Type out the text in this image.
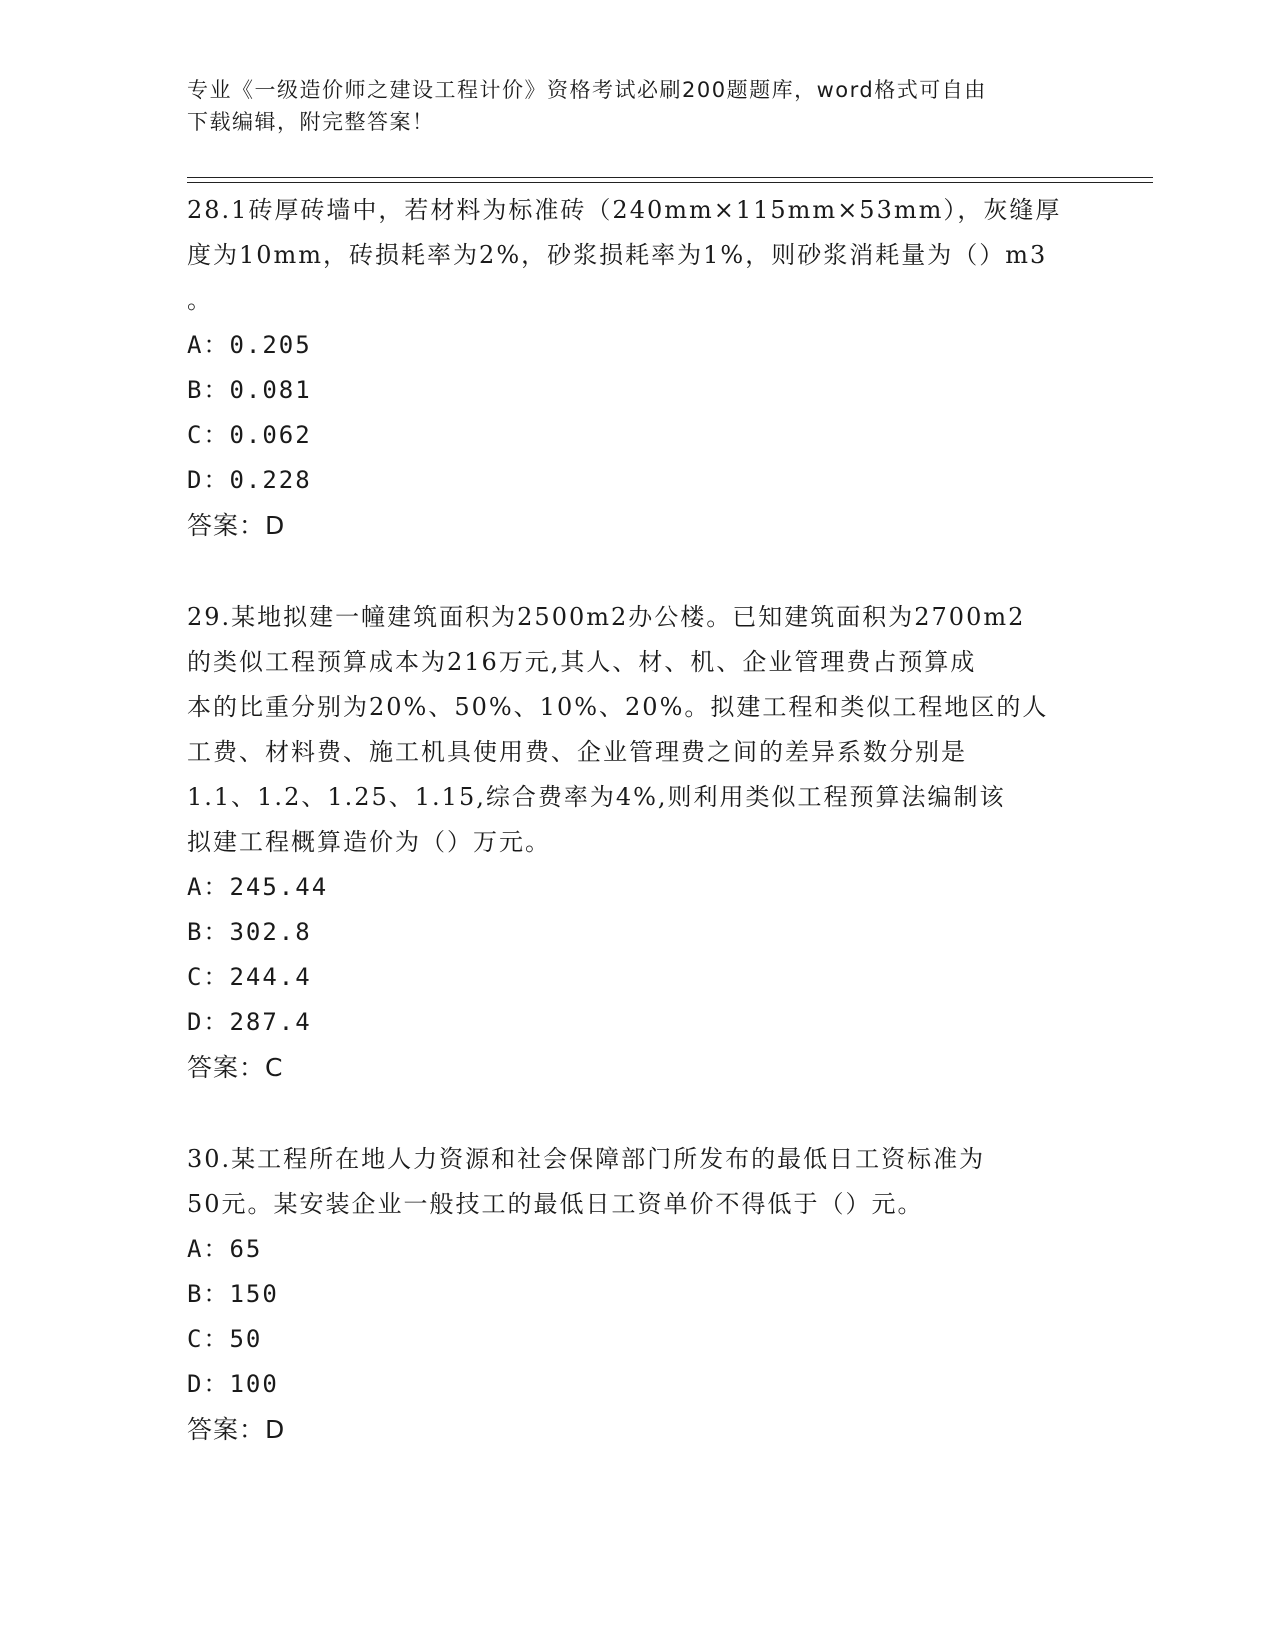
专业《一级造价师之建设工程计价》资格考试必刷200题题库，word格式可自由
下载编辑，附完整答案！
28.1砖厚砖墙中，若材料为标准砖（240mm×115mm×53mm），灰缝厚
度为10mm，砖损耗率为2%，砂浆损耗率为1%，则砂浆消耗量为（）m3
。
A：0.205
B：0.081
C：0.062
D：0.228
答案：D
29.某地拟建一幢建筑面积为2500m2办公楼。已知建筑面积为2700m2
的类似工程预算成本为216万元,其人、材、机、企业管理费占预算成
本的比重分别为20%、50%、10%、20%。拟建工程和类似工程地区的人
工费、材料费、施工机具使用费、企业管理费之间的差异系数分别是
1.1、1.2、1.25、1.15,综合费率为4%,则利用类似工程预算法编制该
拟建工程概算造价为（）万元。
A：245.44
B：302.8
C：244.4
D：287.4
答案：C
30.某工程所在地人力资源和社会保障部门所发布的最低日工资标准为
50元。某安装企业一般技工的最低日工资单价不得低于（）元。
A：65
B：150
C：50
D：100
答案：D
